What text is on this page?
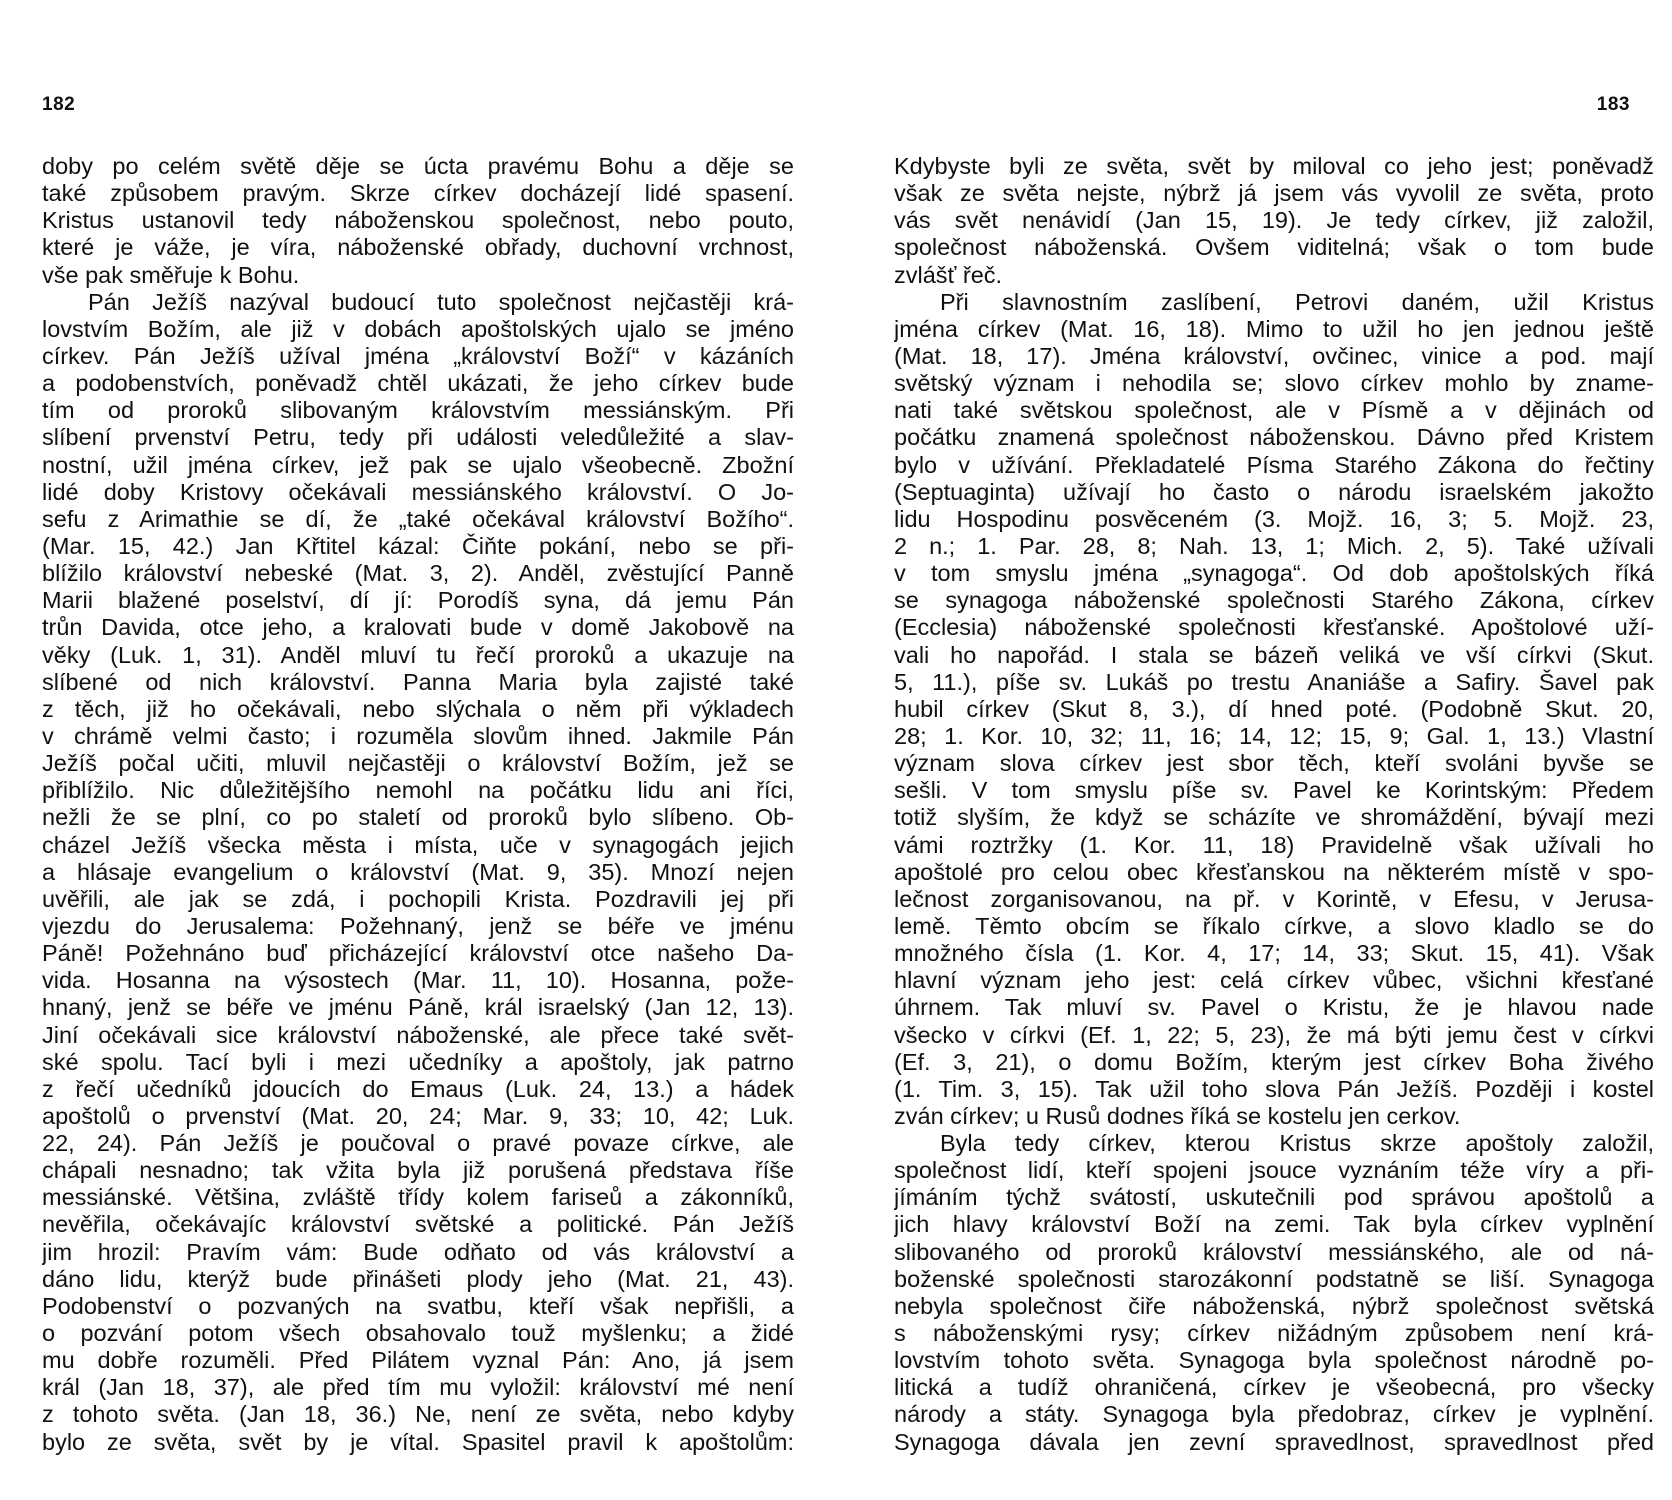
182
doby po celém světě děje se úcta pravému Bohu a děje se
také způsobem pravým. Skrze církev docházejí lidé spasení.
Kristus ustanovil tedy náboženskou společnost, nebo pouto,
které je váže, je víra, náboženské obřady, duchovní vrchnost,
vše pak směřuje k Bohu.
Pán Ježíš nazýval budoucí tuto společnost nejčastěji krá-
lovstvím Božím, ale již v dobách apoštolských ujalo se jméno
církev. Pán Ježíš užíval jména „království Boží“ v kázáních
a podobenstvích, poněvadž chtěl ukázati, že jeho církev bude
tím od proroků slibovaným královstvím messiánským. Při
slíbení prvenství Petru, tedy při události veledůležité a slav-
nostní, užil jména církev, jež pak se ujalo všeobecně. Zbožní
lidé doby Kristovy očekávali messiánského království. O Jo-
sefu z Arimathie se dí, že „také očekával království Božího“.
(Mar. 15, 42.) Jan Křtitel kázal: Čiňte pokání, nebo se při-
blížilo království nebeské (Mat. 3, 2). Anděl, zvěstující Panně
Marii blažené poselství, dí jí: Porodíš syna, dá jemu Pán
trůn Davida, otce jeho, a kralovati bude v domě Jakobově na
věky (Luk. 1, 31). Anděl mluví tu řečí proroků a ukazuje na
slíbené od nich království. Panna Maria byla zajisté také
z těch, již ho očekávali, nebo slýchala o něm při výkladech
v chrámě velmi často; i rozuměla slovům ihned. Jakmile Pán
Ježíš počal učiti, mluvil nejčastěji o království Božím, jež se
přiblížilo. Nic důležitějšího nemohl na počátku lidu ani říci,
nežli že se plní, co po staletí od proroků bylo slíbeno. Ob-
cházel Ježíš všecka města i místa, uče v synagogách jejich
a hlásaje evangelium o království (Mat. 9, 35). Mnozí nejen
uvěřili, ale jak se zdá, i pochopili Krista. Pozdravili jej při
vjezdu do Jerusalema: Požehnaný, jenž se béře ve jménu
Páně! Požehnáno buď přicházející království otce našeho Da-
vida. Hosanna na výsostech (Mar. 11, 10). Hosanna, požе-
hnaný, jenž se béře ve jménu Páně, král israelský (Jan 12, 13).
Jiní očekávali sice království náboženské, ale přece také svět-
ské spolu. Tací byli i mezi učedníky a apoštoly, jak patrno
z řečí učedníků jdoucích do Emaus (Luk. 24, 13.) a hádek
apoštolů o prvenství (Mat. 20, 24; Mar. 9, 33; 10, 42; Luk.
22, 24). Pán Ježíš je poučoval o pravé povaze církve, ale
chápali nesnadno; tak vžita byla již porušená představa říše
messiánské. Většina, zvláště třídy kolem fariseů a zákonníků,
nevěřila, očekávajíc království světské a politické. Pán Ježíš
jim hrozil: Pravím vám: Bude odňato od vás království a
dáno lidu, kterýž bude přinášeti plody jeho (Mat. 21, 43).
Podobenství o pozvaných na svatbu, kteří však nepřišli, a
o pozvání potom všech obsahovalo touž myšlenku; a židé
mu dobře rozuměli. Před Pilátem vyznal Pán: Ano, já jsem
král (Jan 18, 37), ale před tím mu vyložil: království mé není
z tohoto světa. (Jan 18, 36.) Ne, není ze světa, nebo kdyby
bylo ze světa, svět by je vítal. Spasitel pravil k apoštolům:
183
Kdybyste byli ze světa, svět by miloval co jeho jest; poněvadž
však ze světa nejste, nýbrž já jsem vás vyvolil ze světa, proto
vás svět nenávidí (Jan 15, 19). Je tedy církev, již založil,
společnost náboženská. Ovšem viditelná; však o tom bude
zvlášť řeč.
Při slavnostním zaslíbení, Petrovi daném, užil Kristus
jména církev (Mat. 16, 18). Mimo to užil ho jen jednou ještě
(Mat. 18, 17). Jména království, ovčinec, vinice a pod. mají
světský význam i nehodila se; slovo církev mohlo by zname-
nati také světskou společnost, ale v Písmě a v dějinách od
počátku znamená společnost náboženskou. Dávno před Kristem
bylo v užívání. Překladatelé Písma Starého Zákona do řečtiny
(Septuaginta) užívají ho často o národu israelském jakožto
lidu Hospodinu posvěceném (3. Mojž. 16, 3; 5. Mojž. 23,
2 n.; 1. Par. 28, 8; Nah. 13, 1; Mich. 2, 5). Také užívali
v tom smyslu jména „synagoga“. Od dob apoštolských říká
se synagoga náboženské společnosti Starého Zákona, církev
(Ecclesia) náboženské společnosti křesťanské. Apoštolové uží-
vali ho napořád. I stala se bázeň veliká ve vší církvi (Skut.
5, 11.), píše sv. Lukáš po trestu Ananiáše a Safiry. Šavel pak
hubil církev (Skut 8, 3.), dí hned poté. (Podobně Skut. 20,
28; 1. Kor. 10, 32; 11, 16; 14, 12; 15, 9; Gal. 1, 13.) Vlastní
význam slova církev jest sbor těch, kteří svoláni byvše se
sešli. V tom smyslu píše sv. Pavel ke Korintským: Předem
totiž slyším, že když se scházíte ve shromáždění, bývají mezi
vámi roztržky (1. Kor. 11, 18) Pravidelně však užívali ho
apoštolé pro celou obec křesťanskou na některém místě v spo-
lečnost zorganisovanou, na př. v Korintě, v Efesu, v Jerusa-
lemě. Těmto obcím se říkalo církve, a slovo kladlo se do
množného čísla (1. Kor. 4, 17; 14, 33; Skut. 15, 41). Však
hlavní význam jeho jest: celá církev vůbec, všichni křesťané
úhrnem. Tak mluví sv. Pavel o Kristu, že je hlavou nade
všecko v církvi (Ef. 1, 22; 5, 23), že má býti jemu čest v církvi
(Ef. 3, 21), o domu Božím, kterým jest církev Boha živého
(1. Tim. 3, 15). Tak užil toho slova Pán Ježíš. Později i kostel
zván církev; u Rusů dodnes říká se kostelu jen cerkov.
Byla tedy církev, kterou Kristus skrze apoštoly založil,
společnost lidí, kteří spojeni jsouce vyznáním téže víry a při-
jímáním týchž svátostí, uskutečnili pod správou apoštolů a
jich hlavy království Boží na zemi. Tak byla církev vyplnění
slibovaného od proroků království messiánského, ale od ná-
boženské společnosti starozákonní podstatně se liší. Synagoga
nebyla společnost čiře náboženská, nýbrž společnost světská
s náboženskými rysy; církev nižádným způsobem není krá-
lovstvím tohoto světa. Synagoga byla společnost národně po-
litická a tudíž ohraničená, církev je všeobecná, pro všecky
národy a státy. Synagoga byla předobraz, církev je vyplnění.
Synagoga dávala jen zevní spravedlnost, spravedlnost před
